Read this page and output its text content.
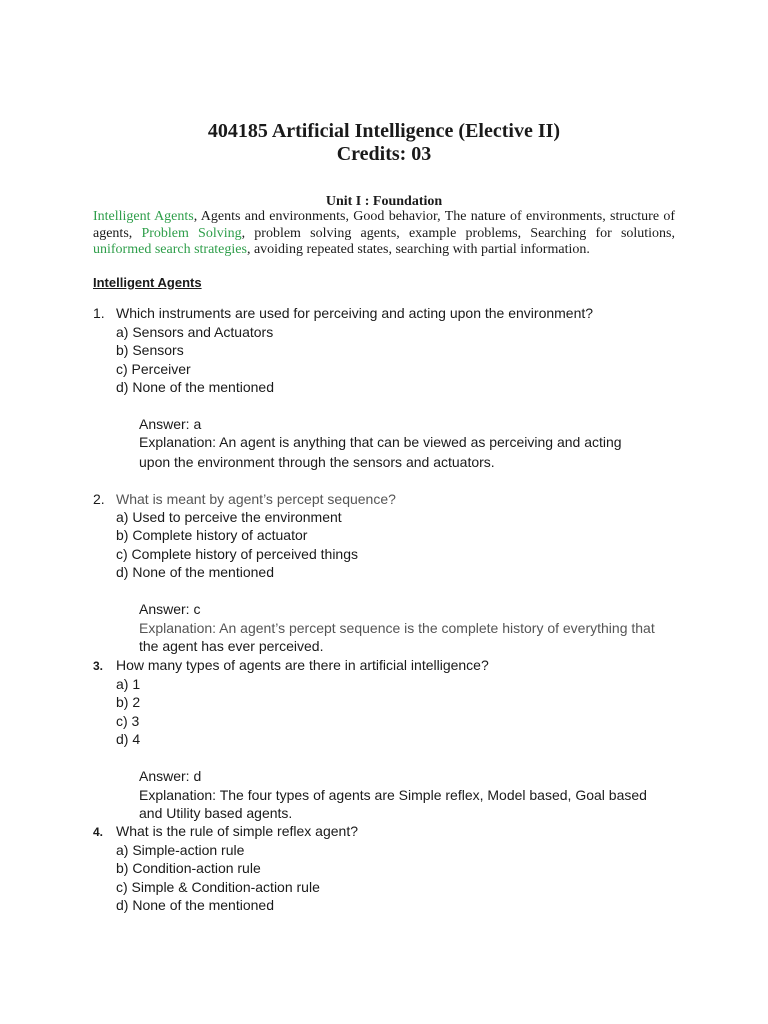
404185 Artificial Intelligence (Elective II)
Credits: 03
Unit I : Foundation
Intelligent Agents, Agents and environments, Good behavior, The nature of environments, structure of agents, Problem Solving, problem solving agents, example problems, Searching for solutions, uniformed search strategies, avoiding repeated states, searching with partial information.
Intelligent Agents
1. Which instruments are used for perceiving and acting upon the environment?
a) Sensors and Actuators
b) Sensors
c) Perceiver
d) None of the mentioned
Answer: a
Explanation: An agent is anything that can be viewed as perceiving and acting
upon the environment through the sensors and actuators.
2. What is meant by agent’s percept sequence?
a) Used to perceive the environment
b) Complete history of actuator
c) Complete history of perceived things
d) None of the mentioned
Answer: c
Explanation: An agent’s percept sequence is the complete history of everything that
the agent has ever perceived.
3. How many types of agents are there in artificial intelligence?
a) 1
b) 2
c) 3
d) 4
Answer: d
Explanation: The four types of agents are Simple reflex, Model based, Goal based
and Utility based agents.
4. What is the rule of simple reflex agent?
a) Simple-action rule
b) Condition-action rule
c) Simple & Condition-action rule
d) None of the mentioned
